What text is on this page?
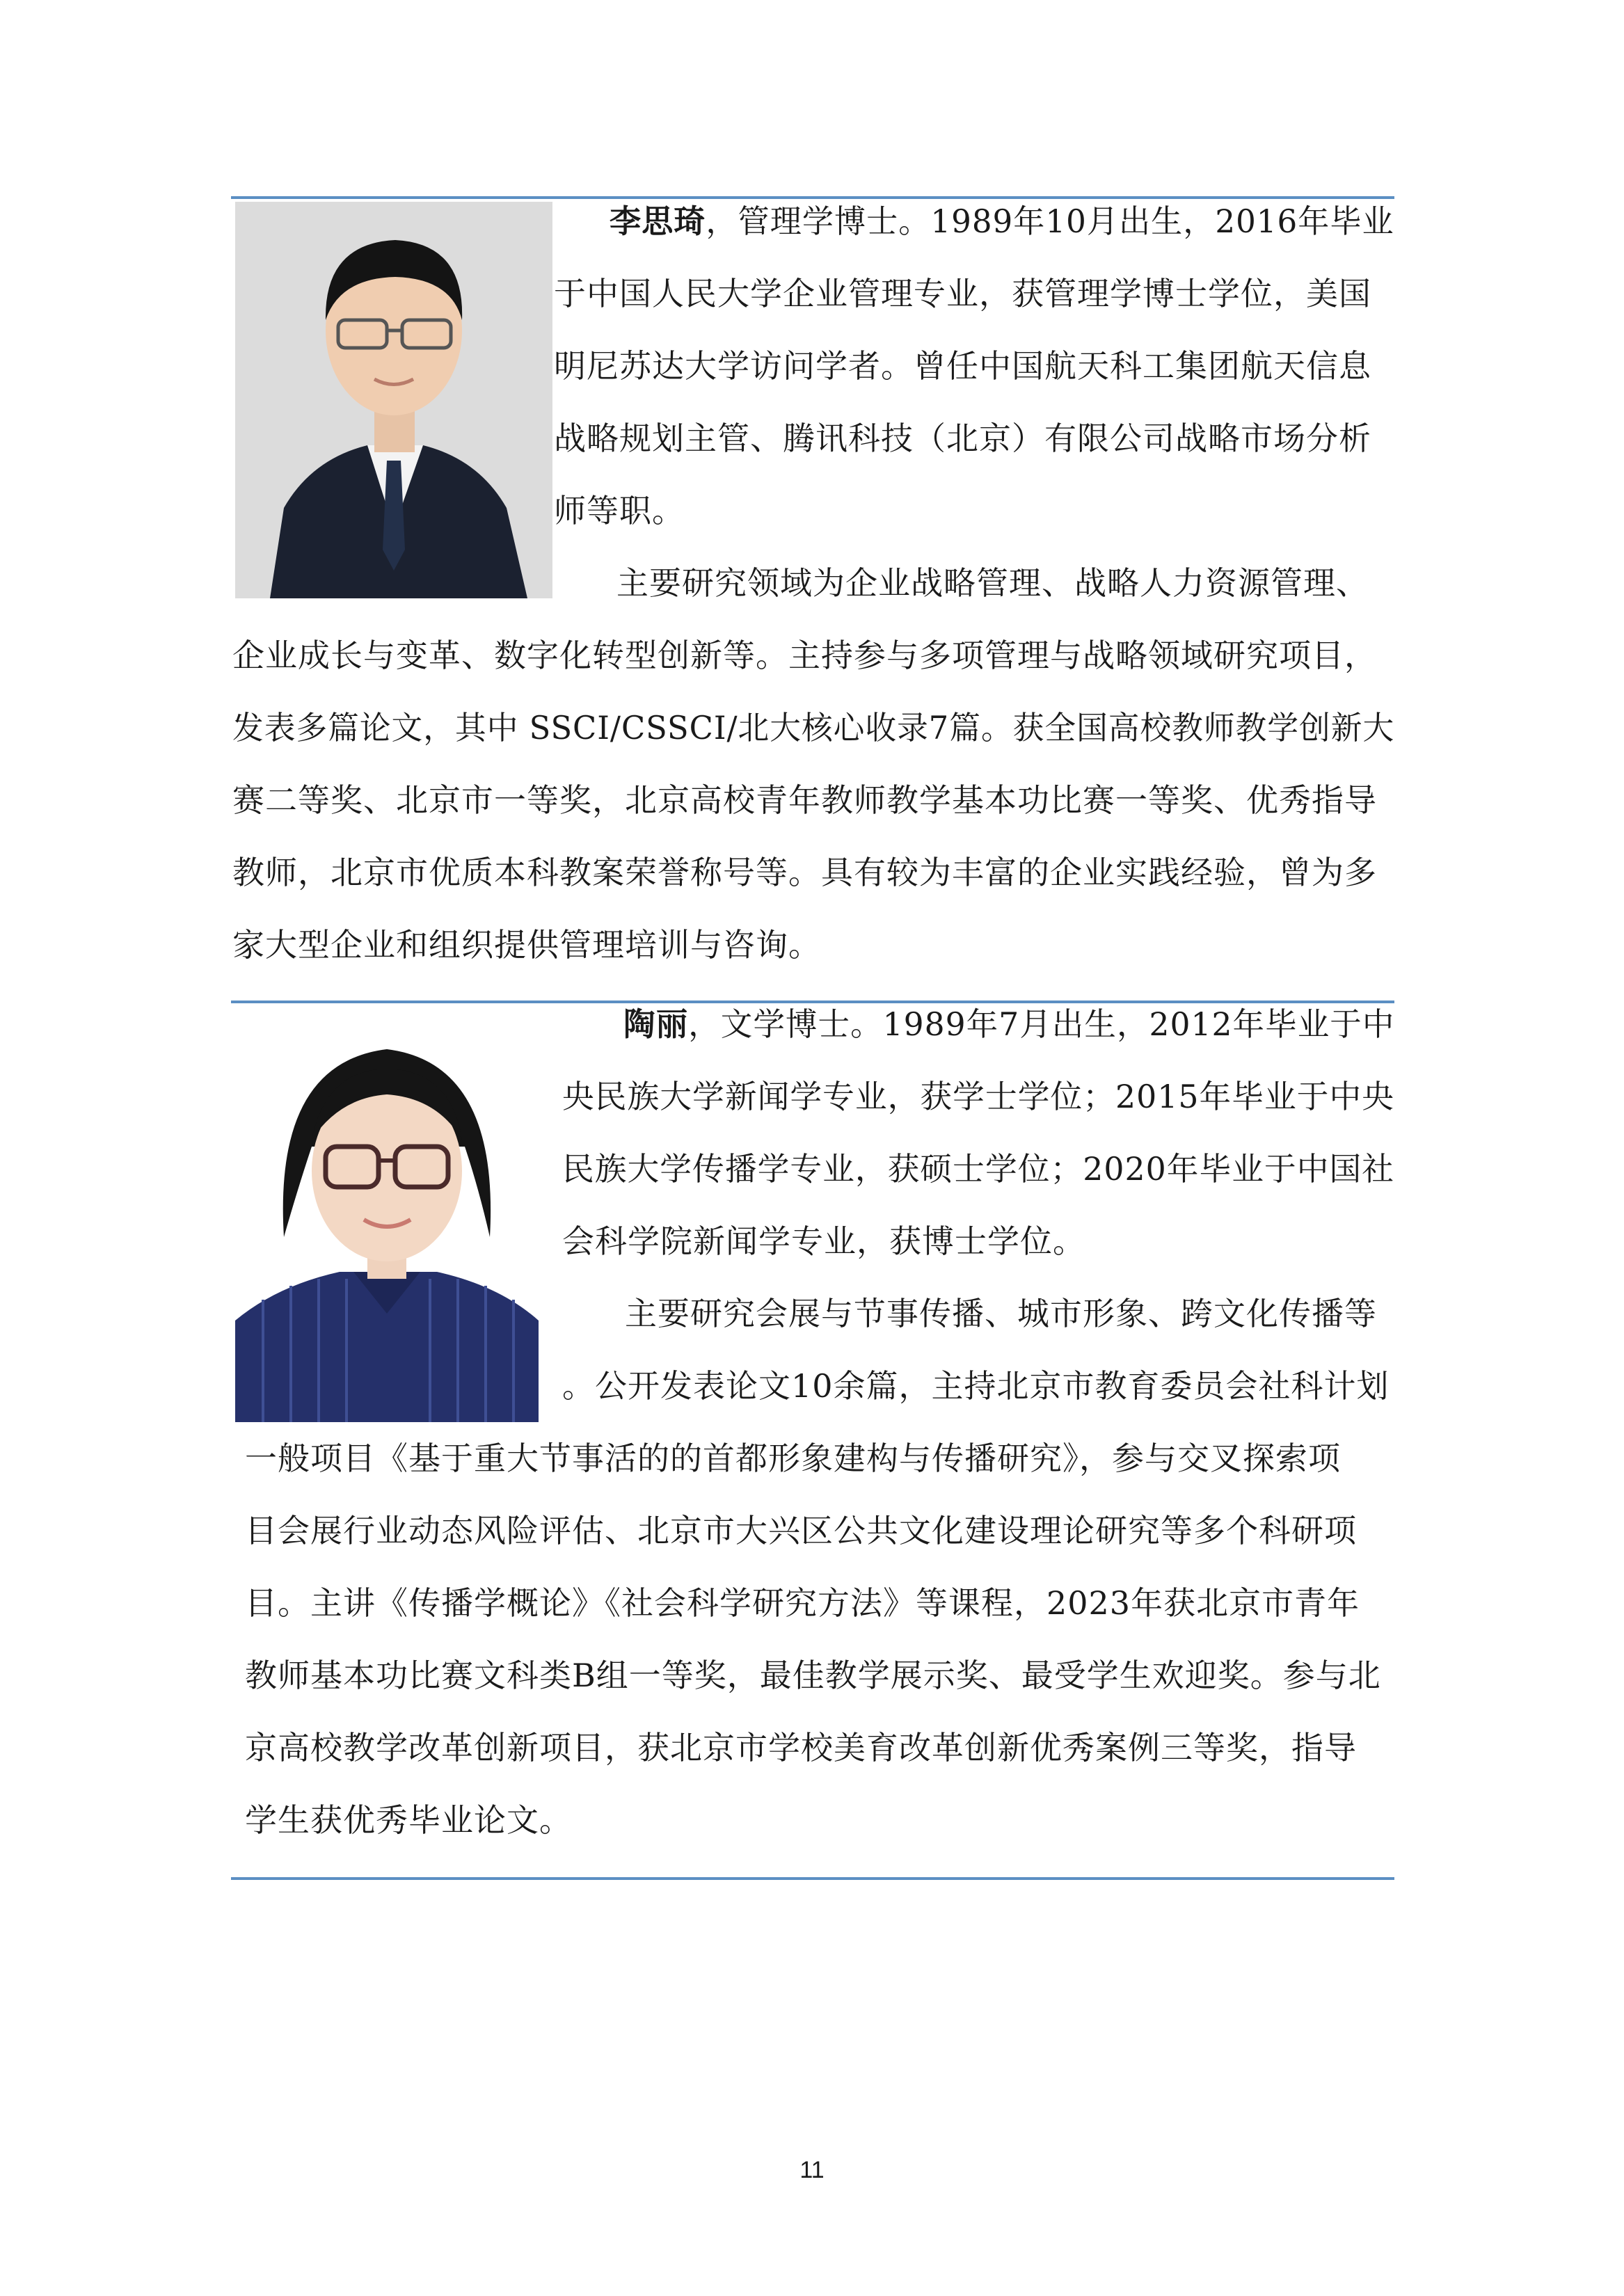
李思琦，管理学博士。1989年10月出生，2016年毕业
于中国人民大学企业管理专业，获管理学博士学位，美国
明尼苏达大学访问学者。曾任中国航天科工集团航天信息
战略规划主管、腾讯科技（北京）有限公司战略市场分析
师等职。
主要研究领域为企业战略管理、战略人力资源管理、
企业成长与变革、数字化转型创新等。主持参与多项管理与战略领域研究项目，
发表多篇论文，其中 SSCI/CSSCI/北大核心收录7篇。获全国高校教师教学创新大
赛二等奖、北京市一等奖，北京高校青年教师教学基本功比赛一等奖、优秀指导
教师，北京市优质本科教案荣誉称号等。具有较为丰富的企业实践经验，曾为多
家大型企业和组织提供管理培训与咨询。
陶丽，文学博士。1989年7月出生，2012年毕业于中
央民族大学新闻学专业，获学士学位；2015年毕业于中央
民族大学传播学专业，获硕士学位；2020年毕业于中国社
会科学院新闻学专业，获博士学位。
主要研究会展与节事传播、城市形象、跨文化传播等
。公开发表论文10余篇，主持北京市教育委员会社科计划
一般项目《基于重大节事活的的首都形象建构与传播研究》，参与交叉探索项
目会展行业动态风险评估、北京市大兴区公共文化建设理论研究等多个科研项
目。主讲《传播学概论》《社会科学研究方法》等课程，2023年获北京市青年
教师基本功比赛文科类B组一等奖，最佳教学展示奖、最受学生欢迎奖。参与北
京高校教学改革创新项目，获北京市学校美育改革创新优秀案例三等奖，指导
学生获优秀毕业论文。
11
